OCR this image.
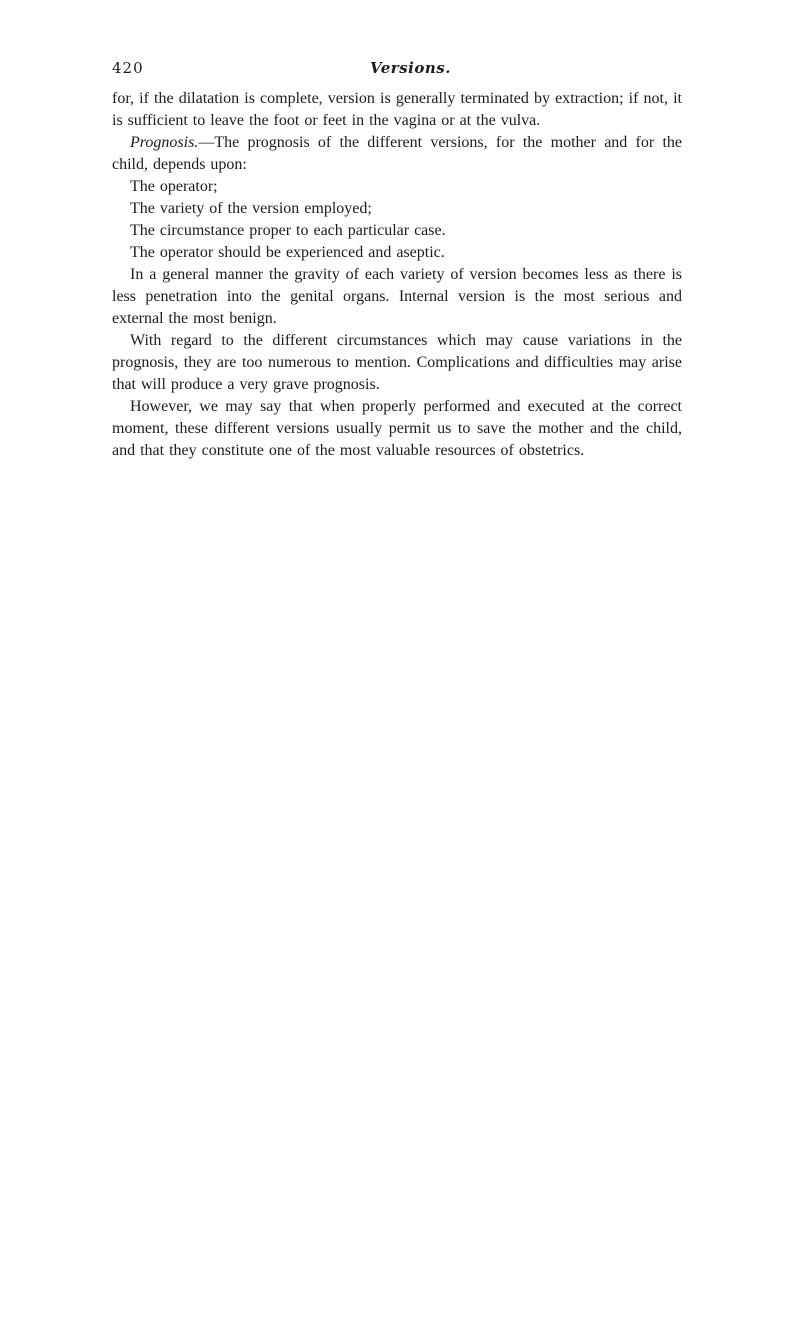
420	Versions.

for, if the dilatation is complete, version is generally terminated by extraction; if not, it is sufficient to leave the foot or feet in the vagina or at the vulva.

Prognosis.—The prognosis of the different versions, for the mother and for the child, depends upon:

The operator;

The variety of the version employed;

The circumstance proper to each particular case.

The operator should be experienced and aseptic.

In a general manner the gravity of each variety of version becomes less as there is less penetration into the genital organs. Internal version is the most serious and external the most benign.

With regard to the different circumstances which may cause variations in the prognosis, they are too numerous to mention. Complications and difficulties may arise that will produce a very grave prognosis.

However, we may say that when properly performed and executed at the correct moment, these different versions usually permit us to save the mother and the child, and that they constitute one of the most valuable resources of obstetrics.
